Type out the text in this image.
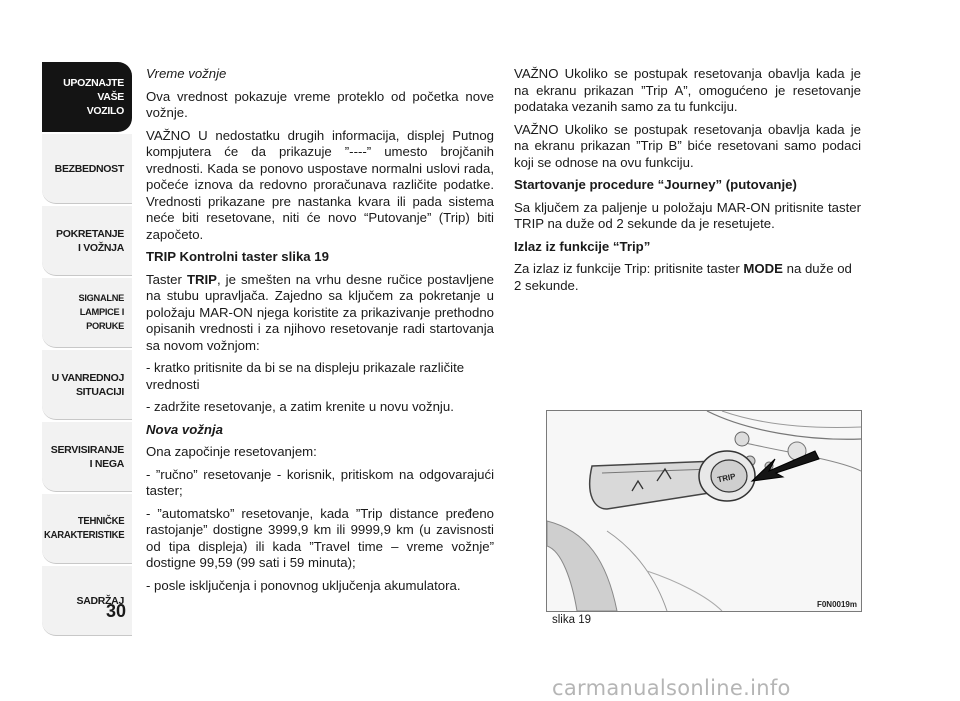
UPOZNAJTE
VAŠE
VOZILO
BEZBEDNOST
POKRETANJE
I VOŽNJA
SIGNALNE
LAMPICE I PORUKE
U VANREDNOJ
SITUACIJI
SERVISIRANJE
I NEGA
TEHNIČKE
KARAKTERISTIKE
SADRŽAJ
30

Vreme vožnje

Ova vrednost pokazuje vreme proteklo od početka nove vožnje.

VAŽNO U nedostatku drugih informacija, displej Putnog kompjutera će da prikazuje ”----” umesto brojčanih vrednosti. Kada se ponovo uspostave normalni uslovi rada, počeće iznova da redovno proračunava različite podatke. Vrednosti prikazane pre nastanka kvara ili pada sistema neće biti resetovane, niti će novo “Putovanje” (Trip) biti započeto.

TRIP Kontrolni taster slika 19

Taster TRIP, je smešten na vrhu desne ručice postavljene na stubu upravljača. Zajedno sa ključem za pokretanje u položaju MAR-ON njega koristite za prikazivanje prethodno opisanih vrednosti i za njihovo resetovanje radi startovanja sa novom vožnjom:

- kratko pritisnite da bi se na displeju prikazale različite vrednosti

- zadržite resetovanje, a zatim krenite u novu vožnju.

Nova vožnja

Ona započinje resetovanjem:

- ”ručno” resetovanje - korisnik, pritiskom na odgovarajući taster;

- ”automatsko” resetovanje, kada ”Trip distance pređeno rastojanje” dostigne 3999,9 km ili 9999,9 km (u zavisnosti od tipa displeja) ili kada ”Travel time – vreme vožnje” dostigne 99,59 (99 sati i 59 minuta);

- posle isključenja i ponovnog uključenja akumulatora.

VAŽNO Ukoliko se postupak resetovanja obavlja kada je na ekranu prikazan ”Trip A”, omogućeno je resetovanje podataka vezanih samo za tu funkciju.

VAŽNO Ukoliko se postupak resetovanja obavlja kada je na ekranu prikazan ”Trip B” biće resetovani samo podaci koji se odnose na ovu funkciju.

Startovanje procedure “Journey” (putovanje)

Sa ključem za paljenje u položaju MAR-ON pritisnite taster TRIP na duže od 2 sekunde da je resetujete.

Izlaz iz funkcije “Trip”

Za izlaz iz funkcije Trip: pritisnite taster MODE na duže od 2 sekunde.

TRIP
F0N0019m
slika 19
carmanualsonline.info
